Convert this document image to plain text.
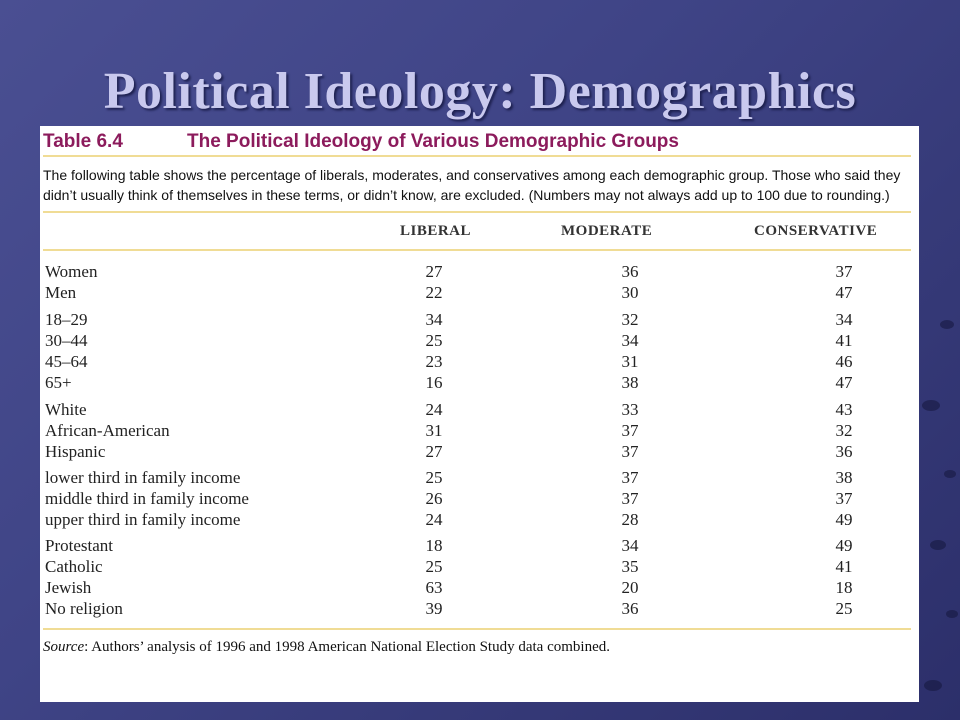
Political Ideology: Demographics
Table 6.4	The Political Ideology of Various Demographic Groups
The following table shows the percentage of liberals, moderates, and conservatives among each demographic group. Those who said they didn’t usually think of themselves in these terms, or didn’t know, are excluded. (Numbers may not always add up to 100 due to rounding.)
LIBERAL	MODERATE	CONSERVATIVE
Women	27	36	37
Men	22	30	47
18–29	34	32	34
30–44	25	34	41
45–64	23	31	46
65+	16	38	47
White	24	33	43
African-American	31	37	32
Hispanic	27	37	36
lower third in family income	25	37	38
middle third in family income	26	37	37
upper third in family income	24	28	49
Protestant	18	34	49
Catholic	25	35	41
Jewish	63	20	18
No religion	39	36	25
Source: Authors’ analysis of 1996 and 1998 American National Election Study data combined.
